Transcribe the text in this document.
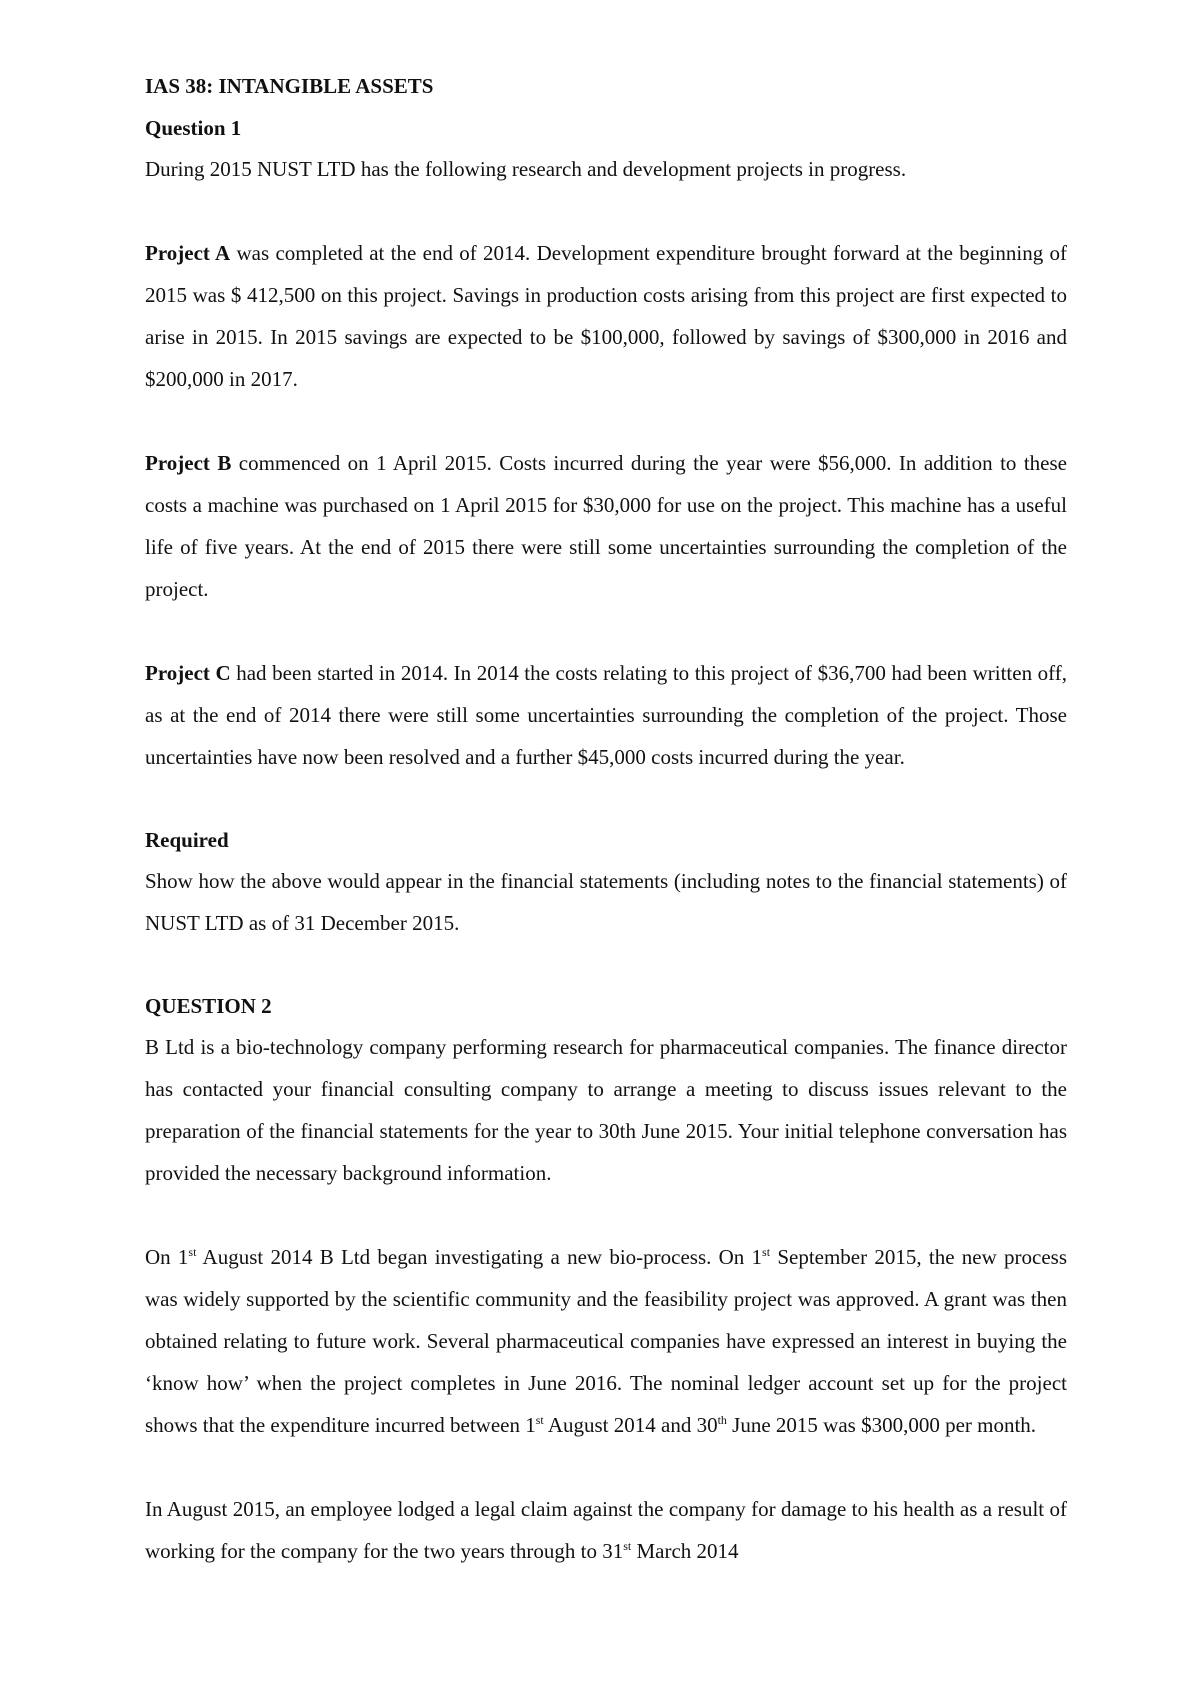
IAS 38: INTANGIBLE ASSETS

Question 1

During 2015 NUST LTD has the following research and development projects in progress.

Project A was completed at the end of 2014. Development expenditure brought forward at the beginning of 2015 was $ 412,500 on this project. Savings in production costs arising from this project are first expected to arise in 2015. In 2015 savings are expected to be $100,000, followed by savings of $300,000 in 2016 and $200,000 in 2017.

Project B commenced on 1 April 2015. Costs incurred during the year were $56,000. In addition to these costs a machine was purchased on 1 April 2015 for $30,000 for use on the project. This machine has a useful life of five years. At the end of 2015 there were still some uncertainties surrounding the completion of the project.

Project C had been started in 2014. In 2014 the costs relating to this project of $36,700 had been written off, as at the end of 2014 there were still some uncertainties surrounding the completion of the project. Those uncertainties have now been resolved and a further $45,000 costs incurred during the year.

Required

Show how the above would appear in the financial statements (including notes to the financial statements) of NUST LTD as of 31 December 2015.

QUESTION 2

B Ltd is a bio-technology company performing research for pharmaceutical companies. The finance director has contacted your financial consulting company to arrange a meeting to discuss issues relevant to the preparation of the financial statements for the year to 30th June 2015. Your initial telephone conversation has provided the necessary background information.

On 1st August 2014 B Ltd began investigating a new bio-process. On 1st September 2015, the new process was widely supported by the scientific community and the feasibility project was approved. A grant was then obtained relating to future work. Several pharmaceutical companies have expressed an interest in buying the ‘know how’ when the project completes in June 2016. The nominal ledger account set up for the project shows that the expenditure incurred between 1st August 2014 and 30th June 2015 was $300,000 per month.

In August 2015, an employee lodged a legal claim against the company for damage to his health as a result of working for the company for the two years through to 31st March 2014
